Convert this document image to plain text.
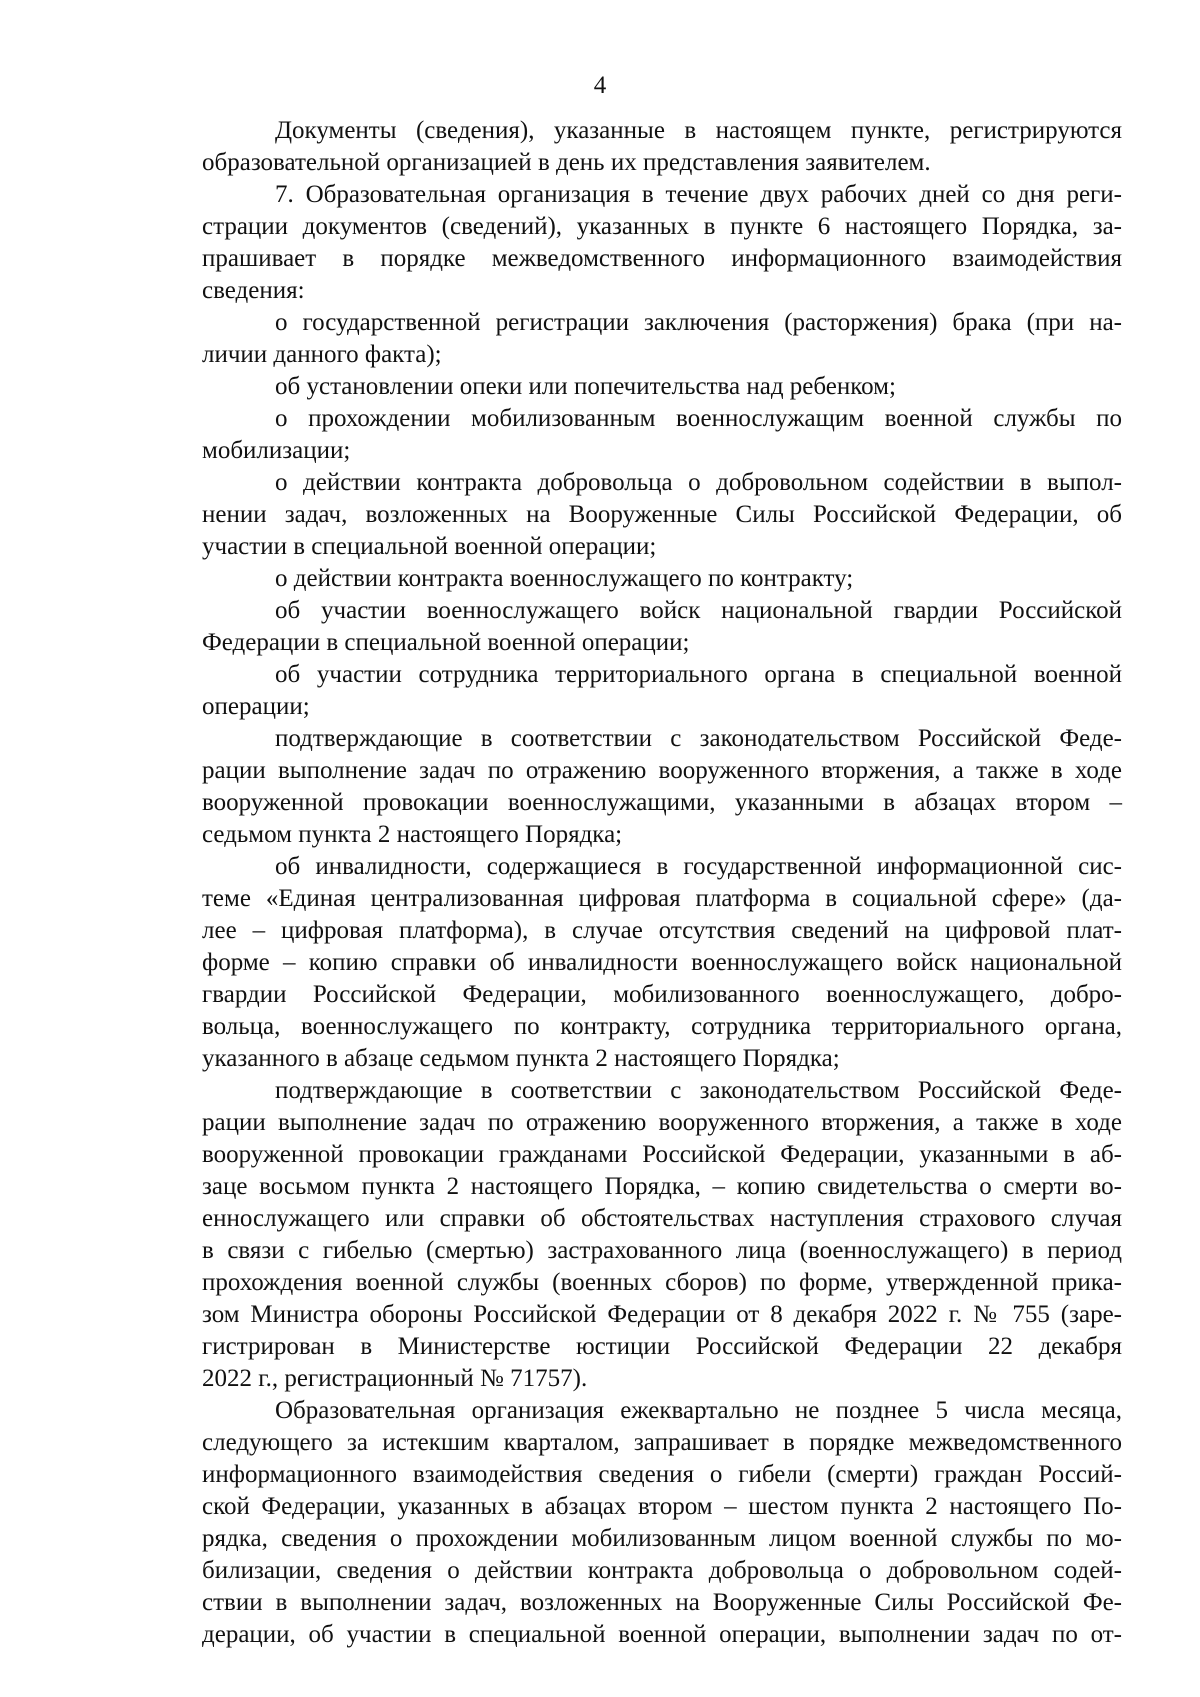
4
Документы (сведения), указанные в настоящем пункте, регистрируются
образовательной организацией в день их представления заявителем.
7. Образовательная организация в течение двух рабочих дней со дня реги-
страции документов (сведений), указанных в пункте 6 настоящего Порядка, за-
прашивает в порядке межведомственного информационного взаимодействия
сведения:
о государственной регистрации заключения (расторжения) брака (при на-
личии данного факта);
об установлении опеки или попечительства над ребенком;
о прохождении мобилизованным военнослужащим военной службы по
мобилизации;
о действии контракта добровольца о добровольном содействии в выпол-
нении задач, возложенных на Вооруженные Силы Российской Федерации, об
участии в специальной военной операции;
о действии контракта военнослужащего по контракту;
об участии военнослужащего войск национальной гвардии Российской
Федерации в специальной военной операции;
об участии сотрудника территориального органа в специальной военной
операции;
подтверждающие в соответствии с законодательством Российской Феде-
рации выполнение задач по отражению вооруженного вторжения, а также в ходе
вооруженной провокации военнослужащими, указанными в абзацах втором –
седьмом пункта 2 настоящего Порядка;
об инвалидности, содержащиеся в государственной информационной сис-
теме «Единая централизованная цифровая платформа в социальной сфере» (да-
лее – цифровая платформа), в случае отсутствия сведений на цифровой плат-
форме – копию справки об инвалидности военнослужащего войск национальной
гвардии Российской Федерации, мобилизованного военнослужащего, добро-
вольца, военнослужащего по контракту, сотрудника территориального органа,
указанного в абзаце седьмом пункта 2 настоящего Порядка;
подтверждающие в соответствии с законодательством Российской Феде-
рации выполнение задач по отражению вооруженного вторжения, а также в ходе
вооруженной провокации гражданами Российской Федерации, указанными в аб-
заце восьмом пункта 2 настоящего Порядка, – копию свидетельства о смерти во-
еннослужащего или справки об обстоятельствах наступления страхового случая
в связи с гибелью (смертью) застрахованного лица (военнослужащего) в период
прохождения военной службы (военных сборов) по форме, утвержденной прика-
зом Министра обороны Российской Федерации от 8 декабря 2022 г. № 755 (заре-
гистрирован в Министерстве юстиции Российской Федерации 22 декабря
2022 г., регистрационный № 71757).
Образовательная организация ежеквартально не позднее 5 числа месяца,
следующего за истекшим кварталом, запрашивает в порядке межведомственного
информационного взаимодействия сведения о гибели (смерти) граждан Россий-
ской Федерации, указанных в абзацах втором – шестом пункта 2 настоящего По-
рядка, сведения о прохождении мобилизованным лицом военной службы по мо-
билизации, сведения о действии контракта добровольца о добровольном содей-
ствии в выполнении задач, возложенных на Вооруженные Силы Российской Фе-
дерации, об участии в специальной военной операции, выполнении задач по от-
